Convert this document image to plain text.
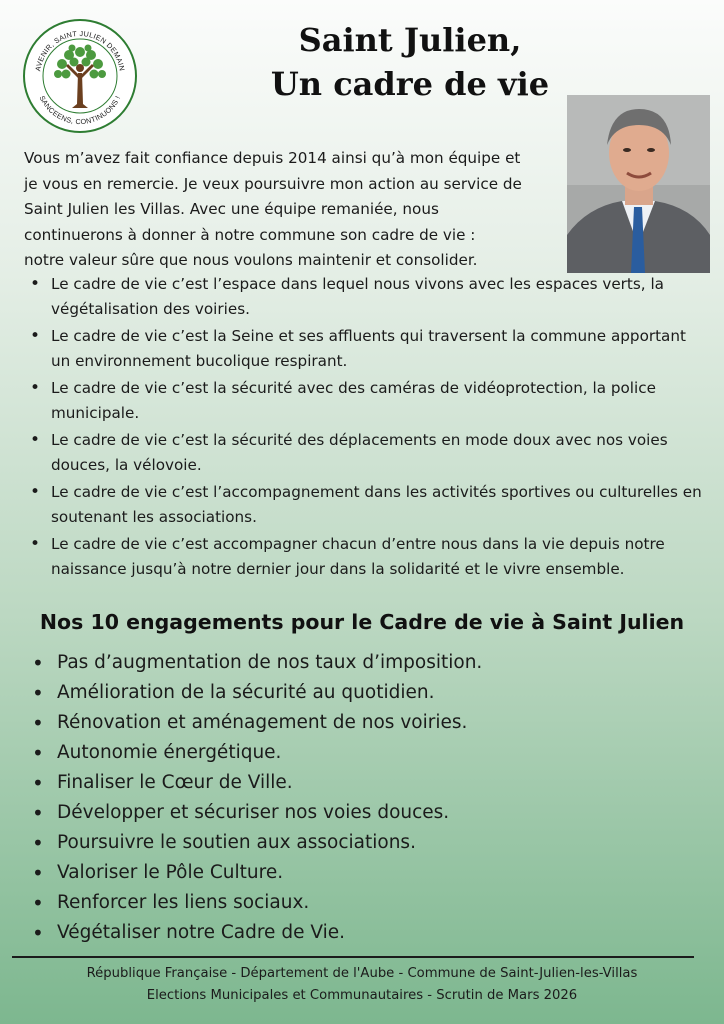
AVENIR, SAINT JULIEN DEMAIN
SANCEENS, CONTINUONS !
Saint Julien,
Un cadre de vie
Vous m’avez fait confiance depuis 2014 ainsi qu’à mon équipe et
je vous en remercie. Je veux poursuivre mon action au service de
Saint Julien les Villas. Avec une équipe remaniée, nous
continuerons à donner à notre commune son cadre de vie :
notre valeur sûre que nous voulons maintenir et consolider.
• Le cadre de vie c’est l’espace dans lequel nous vivons avec les espaces verts, la végétalisation des voiries.
• Le cadre de vie c’est la Seine et ses affluents qui traversent la commune apportant un environnement bucolique respirant.
• Le cadre de vie c’est la sécurité avec des caméras de vidéoprotection, la police municipale.
• Le cadre de vie c’est la sécurité des déplacements en mode doux avec nos voies douces, la vélovoie.
• Le cadre de vie c’est l’accompagnement dans les activités sportives ou culturelles en soutenant les associations.
• Le cadre de vie c’est accompagner chacun d’entre nous dans la vie depuis notre naissance jusqu’à notre dernier jour dans la solidarité et le vivre ensemble.
Nos 10 engagements pour le Cadre de vie à Saint Julien
• Pas d’augmentation de nos taux d’imposition.
• Amélioration de la sécurité au quotidien.
• Rénovation et aménagement de nos voiries.
• Autonomie énergétique.
• Finaliser le Cœur de Ville.
• Développer et sécuriser nos voies douces.
• Poursuivre le soutien aux associations.
• Valoriser le Pôle Culture.
• Renforcer les liens sociaux.
• Végétaliser notre Cadre de Vie.
République Française - Département de l'Aube - Commune de Saint-Julien-les-Villas
Elections Municipales et Communautaires - Scrutin de Mars 2026
